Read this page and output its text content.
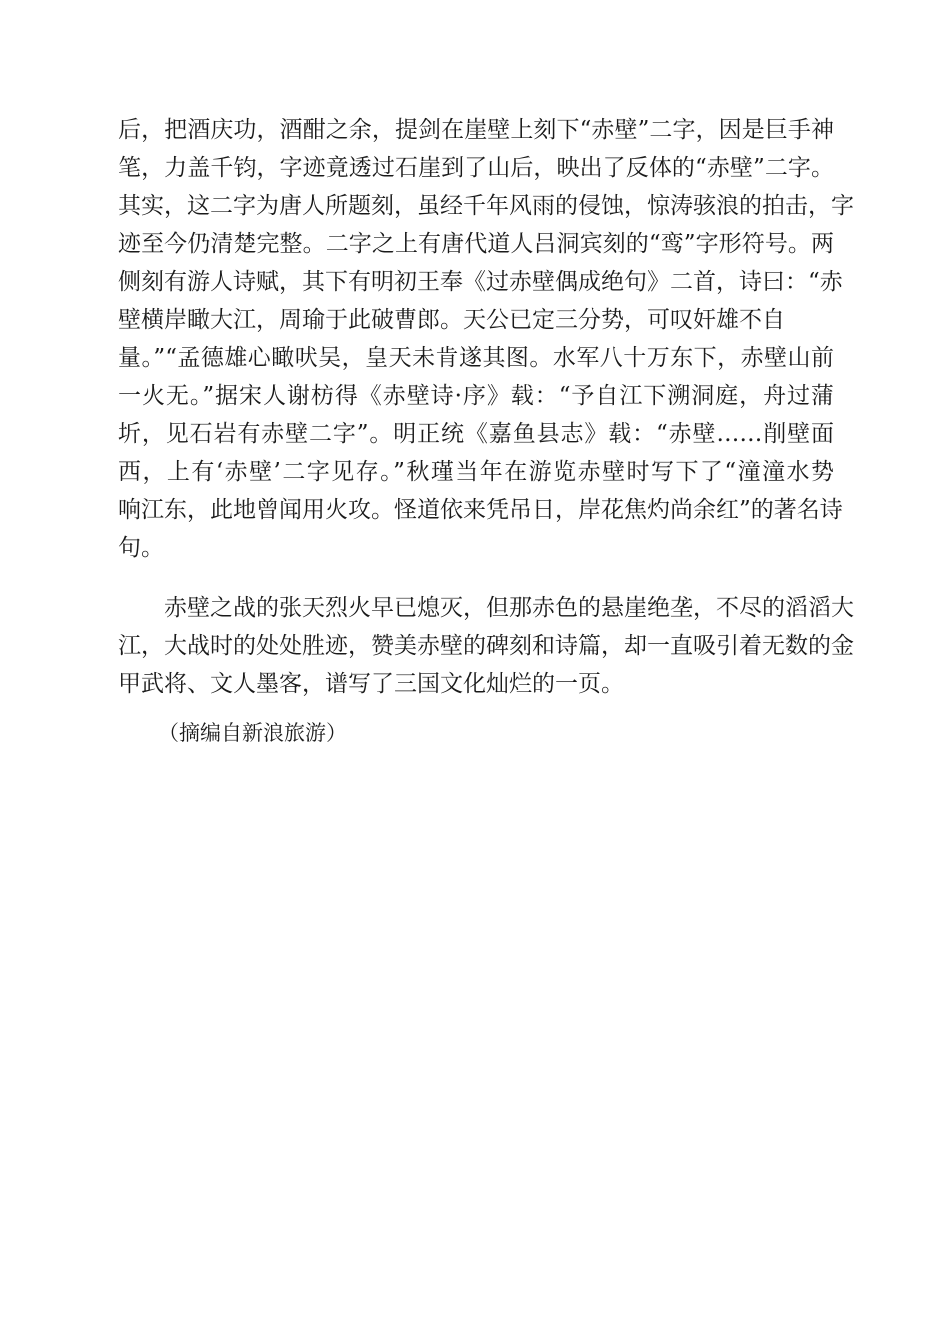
后，把酒庆功，酒酣之余，提剑在崖壁上刻下“赤壁”二字，因是巨手神
笔，力盖千钧，字迹竟透过石崖到了山后，映出了反体的“赤壁”二字。
其实，这二字为唐人所题刻，虽经千年风雨的侵蚀，惊涛骇浪的拍击，字
迹至今仍清楚完整。二字之上有唐代道人吕洞宾刻的“鸾”字形符号。两
侧刻有游人诗赋，其下有明初王奉《过赤壁偶成绝句》二首，诗曰：“赤
壁横岸瞰大江，周瑜于此破曹郎。天公已定三分势，可叹奸雄不自
量。”“孟德雄心瞰吠吴，皇天未肯遂其图。水军八十万东下，赤壁山前
一火无。”据宋人谢枋得《赤壁诗·序》载：“予自江下溯洞庭，舟过蒲
圻，见石岩有赤壁二字”。明正统《嘉鱼县志》载：“赤壁……削壁面
西，上有‘赤壁’二字见存。”秋瑾当年在游览赤壁时写下了“潼潼水势
响江东，此地曾闻用火攻。怪道依来凭吊日，岸花焦灼尚余红”的著名诗
句。
赤壁之战的张天烈火早已熄灭，但那赤色的悬崖绝垄，不尽的滔滔大
江，大战时的处处胜迹，赞美赤壁的碑刻和诗篇，却一直吸引着无数的金
甲武将、文人墨客，谱写了三国文化灿烂的一页。
（摘编自新浪旅游）
